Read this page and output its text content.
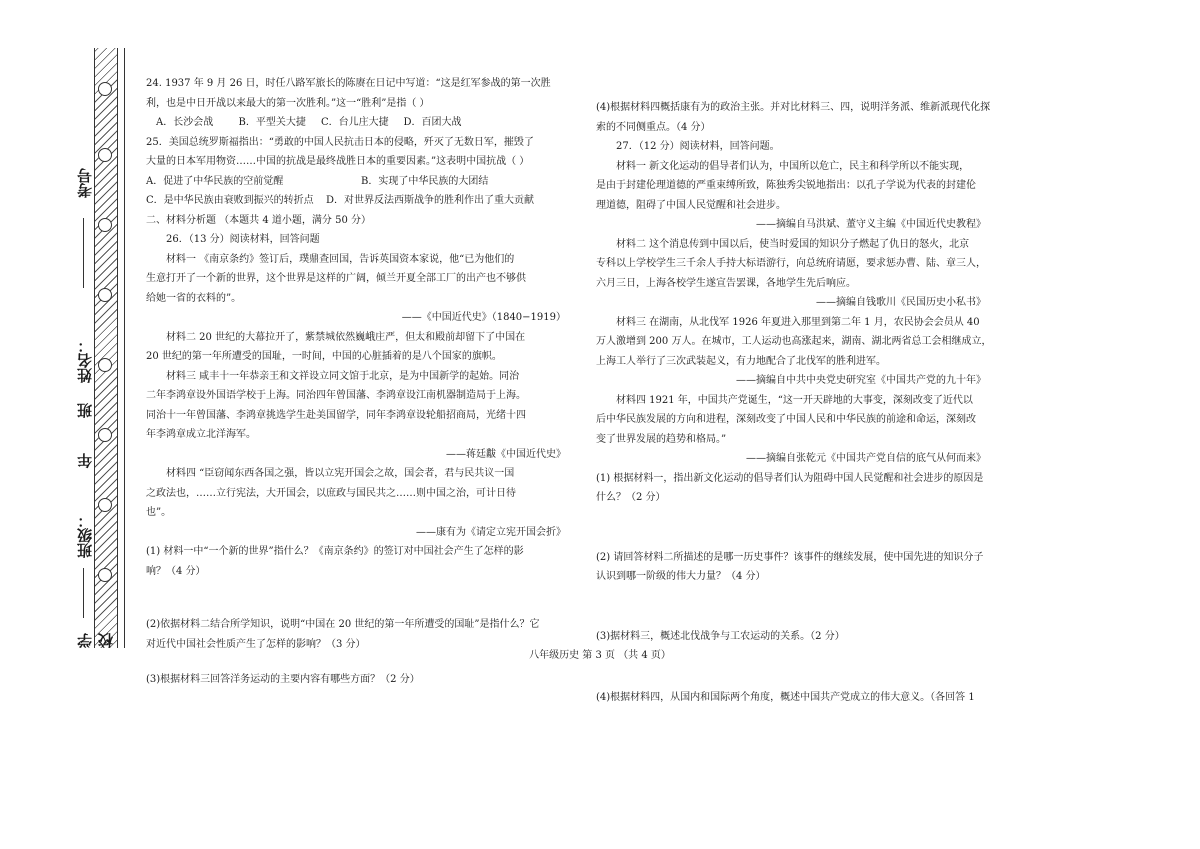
考号
姓名：
班
年
班级：
学校

24. 1937 年 9 月 26 日，时任八路军旅长的陈赓在日记中写道：“这是红军参战的第一次胜

利，也是中日开战以来最大的第一次胜利。”这一“胜利”是指（ ）

A．长沙会战	B．平型关大捷	C．台儿庄大捷	D．百团大战

25．美国总统罗斯福指出：“勇敢的中国人民抗击日本的侵略，歼灭了无数日军，摧毁了

大量的日本军用物资……中国的抗战是最终战胜日本的重要因素。”这表明中国抗战（ ）

A．促进了中华民族的空前觉醒	B．实现了中华民族的大团结
C．是中华民族由衰败到振兴的转折点	D．对世界反法西斯战争的胜利作出了重大贡献

二、材料分析题 （本题共 4 道小题，满分 50 分）

26．（13 分）阅读材料，回答问题

材料一 《南京条约》签订后，璞鼎查回国，告诉英国资本家说，他“已为他们的

生意打开了一个新的世界，这个世界是这样的广阔，倾兰开夏全部工厂的出产也不够供

给她一省的衣料的”。

——《中国近代史》（1840−1919）

材料二 20 世纪的大幕拉开了，紫禁城依然巍峨庄严，但太和殿前却留下了中国在

20 世纪的第一年所遭受的国耻，一时间，中国的心脏插着的是八个国家的旗帜。

材料三 咸丰十一年恭亲王和文祥设立同文馆于北京，是为中国新学的起始。同治

二年李鸿章设外国语学校于上海。同治四年曾国藩、李鸿章设江南机器制造局于上海。

同治十一年曾国藩、李鸿章挑选学生赴美国留学，同年李鸿章设轮船招商局，光绪十四

年李鸿章成立北洋海军。

——蒋廷黻《中国近代史》

材料四 “臣窃闻东西各国之强，皆以立宪开国会之故，国会者，君与民共议一国

之政法也，……立行宪法，大开国会，以庶政与国民共之……则中国之治，可计日待

也”。

——康有为《请定立宪开国会折》

(1) 材料一中“一个新的世界”指什么？《南京条约》的签订对中国社会产生了怎样的影

响？（4 分）

(2)依据材料二结合所学知识，说明“中国在 20 世纪的第一年所遭受的国耻”是指什么？它

对近代中国社会性质产生了怎样的影响？（3 分）

(3)根据材料三回答洋务运动的主要内容有哪些方面？（2 分）

(4)根据材料四概括康有为的政治主张。并对比材料三、四，说明洋务派、维新派现代化探

索的不同侧重点。（4 分）

27．（12 分）阅读材料，回答问题。

材料一 新文化运动的倡导者们认为，中国所以危亡，民主和科学所以不能实现，

是由于封建伦理道德的严重束缚所致，陈独秀尖锐地指出：以孔子学说为代表的封建伦

理道德，阻碍了中国人民觉醒和社会进步。

——摘编自马洪斌、董守义主编《中国近代史教程》

材料二 这个消息传到中国以后，使当时爱国的知识分子燃起了仇日的怒火，北京

专科以上学校学生三千余人手持大标语游行，向总统府请愿，要求惩办曹、陆、章三人，

六月三日，上海各校学生遂宣告罢课，各地学生先后响应。

——摘编自钱歌川《民国历史小私书》

材料三 在湖南，从北伐军 1926 年夏进入那里到第二年 1 月，农民协会会员从 40

万人激增到 200 万人。在城市，工人运动也高涨起来，湖南、湖北两省总工会相继成立，

上海工人举行了三次武装起义，有力地配合了北伐军的胜利进军。

——摘编自中共中央党史研究室《中国共产党的九十年》

材料四 1921 年，中国共产党诞生，“这一开天辟地的大事变，深刻改变了近代以

后中华民族发展的方向和进程，深刻改变了中国人民和中华民族的前途和命运，深刻改

变了世界发展的趋势和格局。”

——摘编自张乾元《中国共产党自信的底气从何而来》

(1) 根据材料一，指出新文化运动的倡导者们认为阻碍中国人民觉醒和社会进步的原因是

什么？（2 分）

(2) 请回答材料二所描述的是哪一历史事件？该事件的继续发展，使中国先进的知识分子

认识到哪一阶级的伟大力量？（4 分）

(3)据材料三，概述北伐战争与工农运动的关系。（2 分）

(4)根据材料四，从国内和国际两个角度，概述中国共产党成立的伟大意义。（各回答 1

八年级历史 第 3 页 （共 4 页）
